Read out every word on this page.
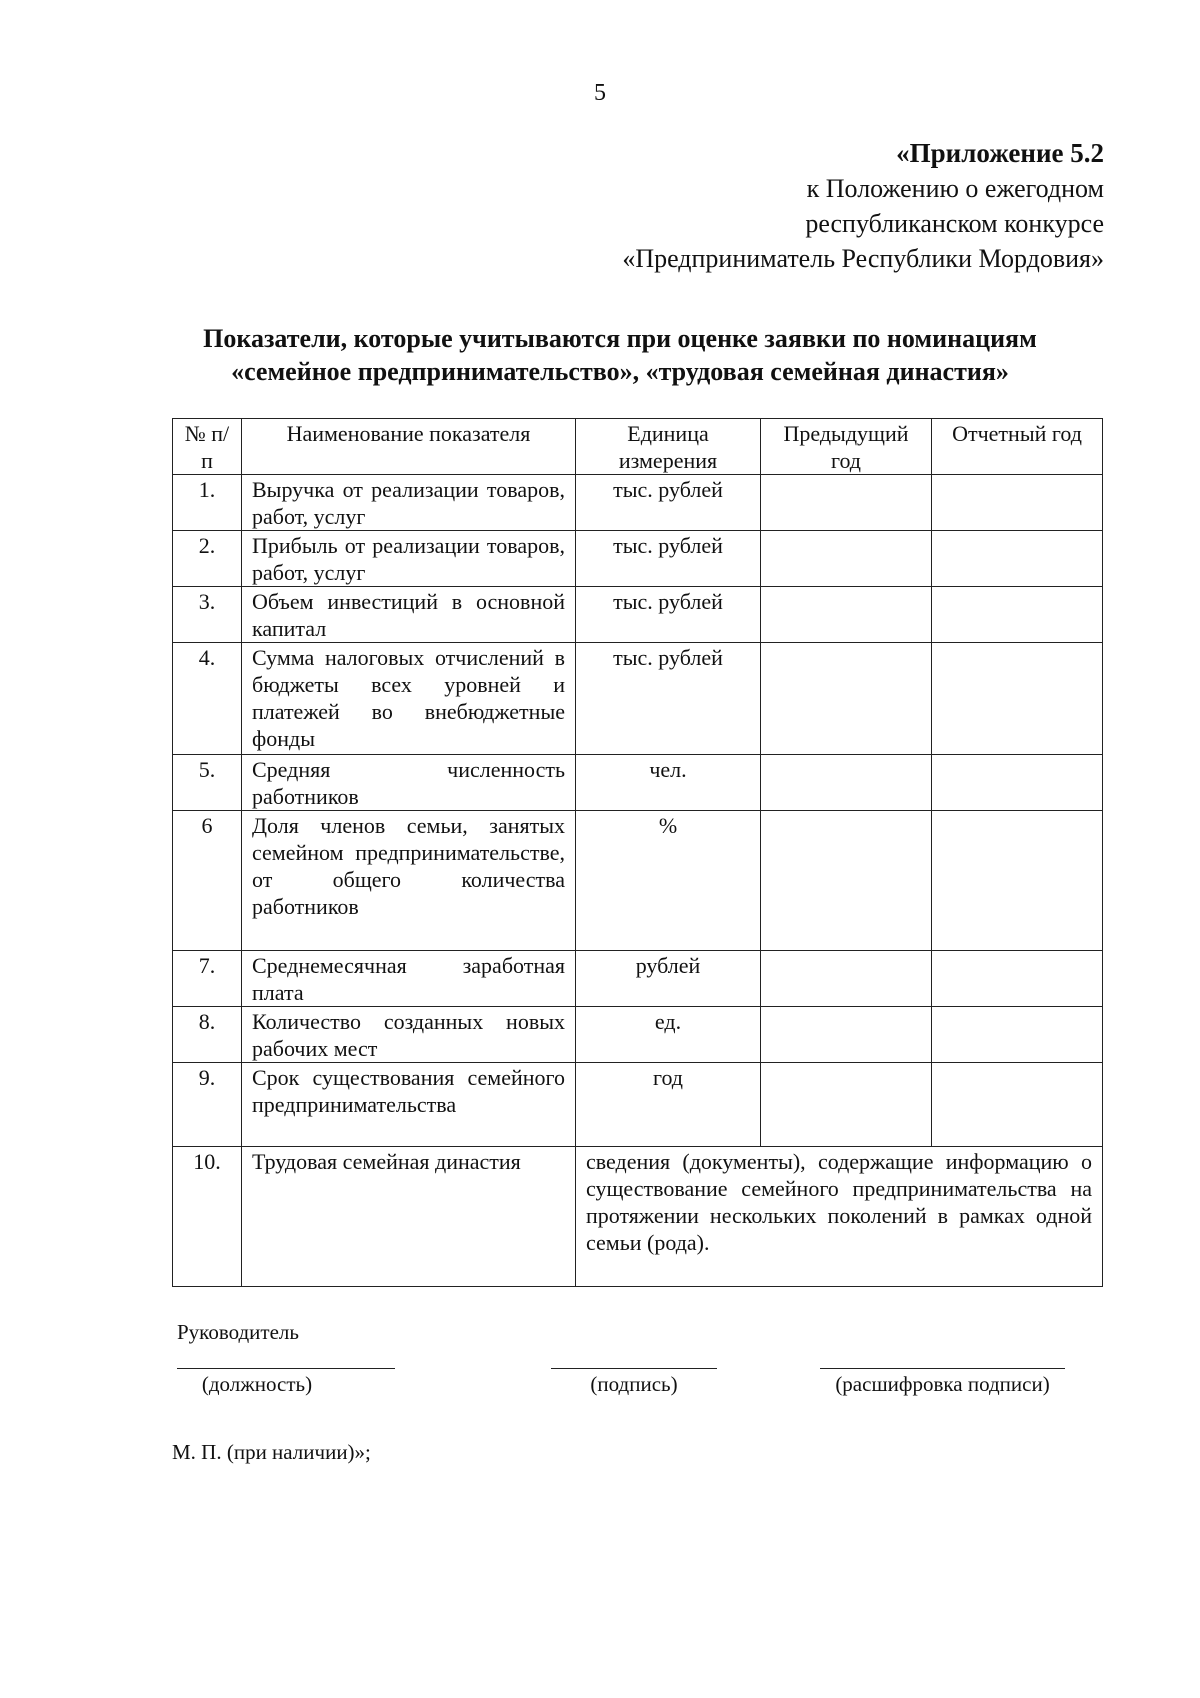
5
«Приложение 5.2
к Положению о ежегодном
республиканском конкурсе
«Предприниматель Республики Мордовия»
Показатели, которые учитываются при оценке заявки по номинациям
«семейное предпринимательство», «трудовая семейная династия»
№ п/п	Наименование показателя	Единица измерения	Предыдущий год	Отчетный год
1.	Выручка от реализации товаров, работ, услуг	тыс. рублей		
2.	Прибыль от реализации товаров, работ, услуг	тыс. рублей		
3.	Объем инвестиций в основной капитал	тыс. рублей		
4.	Сумма налоговых отчислений в бюджеты всех уровней и платежей во внебюджетные фонды	тыс. рублей		
5.	Средняя численность работников	чел.		
6	Доля членов семьи, занятых семейном предпринимательстве, от общего количества работников	%		
7.	Среднемесячная заработная плата	рублей		
8.	Количество созданных новых рабочих мест	ед.		
9.	Срок существования семейного предпринимательства	год		
10.	Трудовая семейная династия	сведения (документы), содержащие информацию о существование семейного предпринимательства на протяжении нескольких поколений в рамках одной семьи (рода).		
Руководитель
(должность)	(подпись)	(расшифровка подписи)
М. П. (при наличии)»;
